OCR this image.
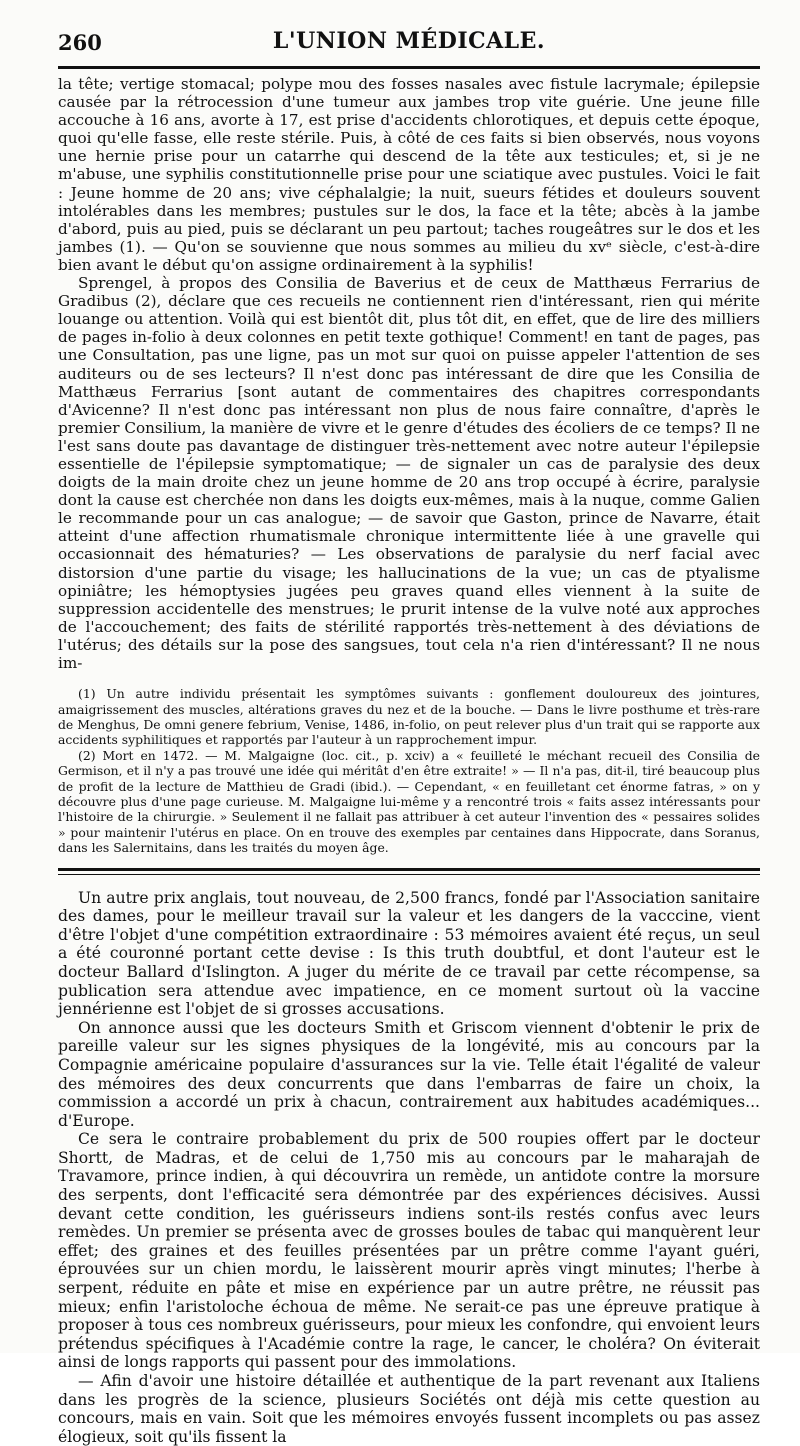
260	L'UNION MÉDICALE.

la tête; vertige stomacal; polype mou des fosses nasales avec fistule lacrymale; épilepsie causée par la rétrocession d'une tumeur aux jambes trop vite guérie. Une jeune fille accouche à 16 ans, avorte à 17, est prise d'accidents chlorotiques, et depuis cette époque, quoi qu'elle fasse, elle reste stérile. Puis, à côté de ces faits si bien observés, nous voyons une hernie prise pour un catarrhe qui descend de la tête aux testicules; et, si je ne m'abuse, une syphilis constitutionnelle prise pour une sciatique avec pustules. Voici le fait : Jeune homme de 20 ans; vive céphalalgie; la nuit, sueurs fétides et douleurs souvent intolérables dans les membres; pustules sur le dos, la face et la tête; abcès à la jambe d'abord, puis au pied, puis se déclarant un peu partout; taches rougeâtres sur le dos et les jambes (1). — Qu'on se souvienne que nous sommes au milieu du xvᵉ siècle, c'est-à-dire bien avant le début qu'on assigne ordinairement à la syphilis!

Sprengel, à propos des Consilia de Baverius et de ceux de Matthæus Ferrarius de Gradibus (2), déclare que ces recueils ne contiennent rien d'intéressant, rien qui mérite louange ou attention. Voilà qui est bientôt dit, plus tôt dit, en effet, que de lire des milliers de pages in-folio à deux colonnes en petit texte gothique! Comment! en tant de pages, pas une Consultation, pas une ligne, pas un mot sur quoi on puisse appeler l'attention de ses auditeurs ou de ses lecteurs? Il n'est donc pas intéressant de dire que les Consilia de Matthæus Ferrarius [sont autant de commentaires des chapitres correspondants d'Avicenne? Il n'est donc pas intéressant non plus de nous faire connaître, d'après le premier Consilium, la manière de vivre et le genre d'études des écoliers de ce temps? Il ne l'est sans doute pas davantage de distinguer très-nettement avec notre auteur l'épilepsie essentielle de l'épilepsie symptomatique; — de signaler un cas de paralysie des deux doigts de la main droite chez un jeune homme de 20 ans trop occupé à écrire, paralysie dont la cause est cherchée non dans les doigts eux-mêmes, mais à la nuque, comme Galien le recommande pour un cas analogue; — de savoir que Gaston, prince de Navarre, était atteint d'une affection rhumatismale chronique intermittente liée à une gravelle qui occasionnait des hématuries? — Les observations de paralysie du nerf facial avec distorsion d'une partie du visage; les hallucinations de la vue; un cas de ptyalisme opiniâtre; les hémoptysies jugées peu graves quand elles viennent à la suite de suppression accidentelle des menstrues; le prurit intense de la vulve noté aux approches de l'accouchement; des faits de stérilité rapportés très-nettement à des déviations de l'utérus; des détails sur la pose des sangsues, tout cela n'a rien d'intéressant? Il ne nous im-

(1) Un autre individu présentait les symptômes suivants : gonflement douloureux des jointures, amaigrissement des muscles, altérations graves du nez et de la bouche. — Dans le livre posthume et très-rare de Menghus, De omni genere febrium, Venise, 1486, in-folio, on peut relever plus d'un trait qui se rapporte aux accidents syphilitiques et rapportés par l'auteur à un rapprochement impur.

(2) Mort en 1472. — M. Malgaigne (loc. cit., p. xciv) a « feuilleté le méchant recueil des Consilia de Germison, et il n'y a pas trouvé une idée qui méritât d'en être extraite! » — Il n'a pas, dit-il, tiré beaucoup plus de profit de la lecture de Matthieu de Gradi (ibid.). — Cependant, « en feuilletant cet énorme fatras, » on y découvre plus d'une page curieuse. M. Malgaigne lui-même y a rencontré trois « faits assez intéressants pour l'histoire de la chirurgie. » Seulement il ne fallait pas attribuer à cet auteur l'invention des « pessaires solides » pour maintenir l'utérus en place. On en trouve des exemples par centaines dans Hippocrate, dans Soranus, dans les Salernitains, dans les traités du moyen âge.

Un autre prix anglais, tout nouveau, de 2,500 francs, fondé par l'Association sanitaire des dames, pour le meilleur travail sur la valeur et les dangers de la vacccine, vient d'être l'objet d'une compétition extraordinaire : 53 mémoires avaient été reçus, un seul a été couronné portant cette devise : Is this truth doubtful, et dont l'auteur est le docteur Ballard d'Islington. A juger du mérite de ce travail par cette récompense, sa publication sera attendue avec impatience, en ce moment surtout où la vaccine jennérienne est l'objet de si grosses accusations.

On annonce aussi que les docteurs Smith et Griscom viennent d'obtenir le prix de pareille valeur sur les signes physiques de la longévité, mis au concours par la Compagnie américaine populaire d'assurances sur la vie. Telle était l'égalité de valeur des mémoires des deux concurrents que dans l'embarras de faire un choix, la commission a accordé un prix à chacun, contrairement aux habitudes académiques... d'Europe.

Ce sera le contraire probablement du prix de 500 roupies offert par le docteur Shortt, de Madras, et de celui de 1,750 mis au concours par le maharajah de Travamore, prince indien, à qui découvrira un remède, un antidote contre la morsure des serpents, dont l'efficacité sera démontrée par des expériences décisives. Aussi devant cette condition, les guérisseurs indiens sont-ils restés confus avec leurs remèdes. Un premier se présenta avec de grosses boules de tabac qui manquèrent leur effet; des graines et des feuilles présentées par un prêtre comme l'ayant guéri, éprouvées sur un chien mordu, le laissèrent mourir après vingt minutes; l'herbe à serpent, réduite en pâte et mise en expérience par un autre prêtre, ne réussit pas mieux; enfin l'aristoloche échoua de même. Ne serait-ce pas une épreuve pratique à proposer à tous ces nombreux guérisseurs, pour mieux les confondre, qui envoient leurs prétendus spécifiques à l'Académie contre la rage, le cancer, le choléra? On éviterait ainsi de longs rapports qui passent pour des immolations.

— Afin d'avoir une histoire détaillée et authentique de la part revenant aux Italiens dans les progrès de la science, plusieurs Sociétés ont déjà mis cette question au concours, mais en vain. Soit que les mémoires envoyés fussent incomplets ou pas assez élogieux, soit qu'ils fissent la
